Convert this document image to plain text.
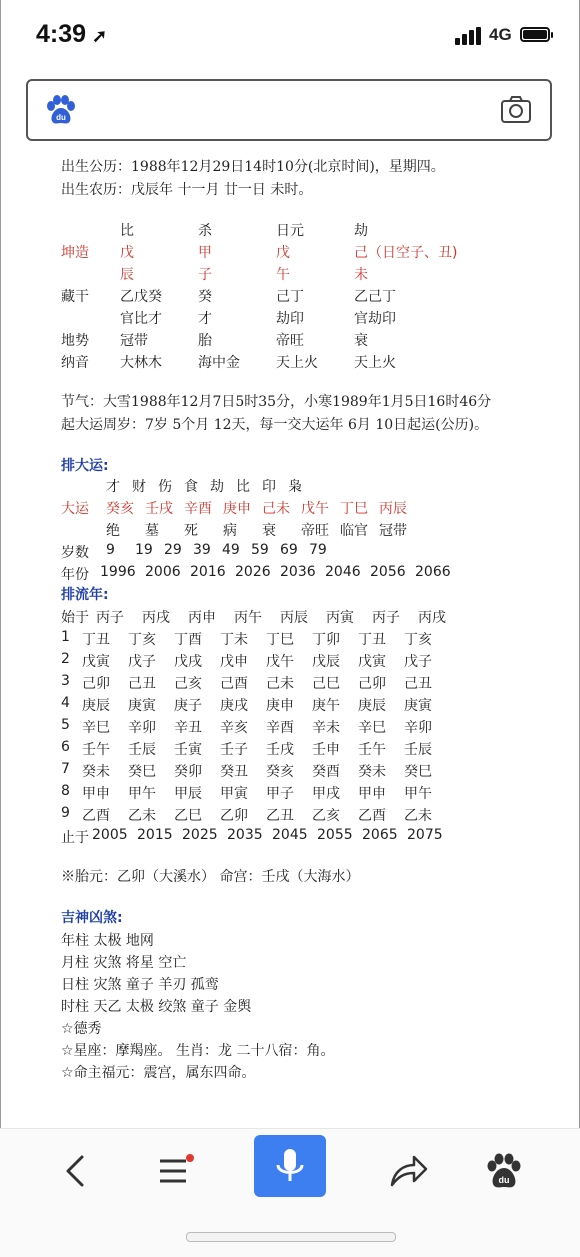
4:39 ➚	4G
du
出生公历：1988年12月29日14时10分(北京时间)，星期四。
出生农历：戊辰年 十一月 廿一日 未时。
比	杀	日元	劫
坤造 戊	甲	戊	己（日空子、丑)
辰	子	午	未
藏干 乙戊癸	癸	己丁	乙己丁
官比才	才	劫印	官劫印
地势 冠带	胎	帝旺	衰
纳音 大林木	海中金	天上火	天上火
节气：大雪1988年12月7日5时35分，小寒1989年1月5日16时46分
起大运周岁：7岁 5个月 12天，每一交大运年 6月 10日起运(公历)。
排大运:
才 财 伤 食 劫 比 印 枭
大运 癸亥 壬戌 辛酉 庚申 己未 戊午 丁巳 丙辰
绝 墓 死 病 衰 帝旺 临官 冠带
岁数 9 19 29 39 49 59 69 79
年份 1996 2006 2016 2026 2036 2046 2056 2066
排流年:
始于 丙子 丙戌 丙申 丙午 丙辰 丙寅 丙子 丙戌
1 丁丑 丁亥 丁酉 丁未 丁巳 丁卯 丁丑 丁亥
2 戊寅 戊子 戊戌 戊申 戊午 戊辰 戊寅 戊子
3 己卯 己丑 己亥 己酉 己未 己巳 己卯 己丑
4 庚辰 庚寅 庚子 庚戌 庚申 庚午 庚辰 庚寅
5 辛巳 辛卯 辛丑 辛亥 辛酉 辛未 辛巳 辛卯
6 壬午 壬辰 壬寅 壬子 壬戌 壬申 壬午 壬辰
7 癸未 癸巳 癸卯 癸丑 癸亥 癸酉 癸未 癸巳
8 甲申 甲午 甲辰 甲寅 甲子 甲戌 甲申 甲午
9 乙酉 乙未 乙巳 乙卯 乙丑 乙亥 乙酉 乙未
止于 2005 2015 2025 2035 2045 2055 2065 2075
※胎元：乙卯（大溪水） 命宫：壬戌（大海水）
吉神凶煞:
年柱 太极 地网
月柱 灾煞 将星 空亡
日柱 灾煞 童子 羊刃 孤鸾
时柱 天乙 太极 绞煞 童子 金舆
☆德秀
☆星座：摩羯座。 生肖：龙 二十八宿：角。
☆命主福元：震宫，属东四命。
du
